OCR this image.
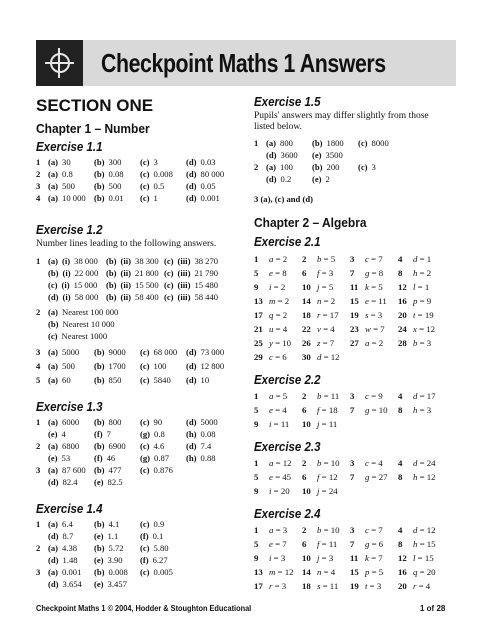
Checkpoint Maths 1 Answers
SECTION ONE
Chapter 1 – Number
Exercise 1.1
1 (a) 30	(b) 300	(c) 3	(d) 0.03
2 (a) 0.8	(b) 0.08	(c) 0.008	(d) 80 000
3 (a) 500	(b) 500	(c) 0.5	(d) 0.05
4 (a) 10 000 (b) 0.01	(c) 1	(d) 0.001
Exercise 1.2
Number lines leading to the following answers.
1 (a) (i) 38 000 (b) (ii) 38 300 (c) (iii) 38 270
(b) (i) 22 000 (b) (ii) 21 800 (c) (iii) 21 790
(c) (i) 15 000	(b) (ii) 15 500 (c) (iii) 15 480
(d) (i) 58 000 (b) (ii) 58 400 (c) (iii) 58 440
2 (a) Nearest 100 000
(b) Nearest 10 000
(c) Nearest 1000
3 (a) 5000	(b) 9000	(c) 68 000	(d) 73 000
4 (a) 500	(b) 1700	(c) 100	(d) 12 800
5 (a) 60	(b) 850	(c) 5840	(d) 10
Exercise 1.3
1 (a) 6000	(b) 800	(c) 90	(d) 5000
(e) 4	(f) 7	(g) 0.8	(h) 0.08
2 (a) 6800	(b) 6900	(c) 4.6	(d) 7.4
(e) 53	(f) 46	(g) 0.87	(h) 0.88
3 (a) 87 600 (b) 477	(c) 0.876
(d) 82.4	(e) 82.5
Exercise 1.4
1 (a) 6.4	(b) 4.1	(c) 0.9
(d) 8.7	(e) 1.1	(f) 0.1
2 (a) 4.38	(b) 5.72	(c) 5.80
(d) 1.48	(e) 3.90	(f) 6.27
3 (a) 0.001	(b) 0.008	(c) 0.005
(d) 3.654	(e) 3.457
Exercise 1.5
Pupils' answers may differ slightly from those listed below.
1 (a) 800	(b) 1800	(c) 8000
(d) 3600	(e) 3500
2 (a) 100	(b) 200	(c) 3
(d) 0.2	(e) 2
3 (a), (c) and (d)
Chapter 2 – Algebra
Exercise 2.1
1 a = 2	2 b = 5	3 c = 7	4 d = 1
5 e = 8	6 f = 3	7 g = 8	8 h = 2
9 i = 2	10 j = 5	11 k = 5	12 l = 1
13 m = 2	14 n = 2	15 e = 11	16 p = 9
17 q = 2	18 r = 17	19 s = 3	20 t = 19
21 u = 4	22 v = 4	23 w = 7	24 x = 12
25 y = 10	26 z = 7	27 a = 2	28 b = 3
29 c = 6	30 d = 12
Exercise 2.2
1 a = 5	2 b = 11	3 c = 9	4 d = 17
5 e = 4	6 f = 18	7 g = 10	8 h = 3
9 i = 11	10 j = 11
Exercise 2.3
1 a = 12	2 b = 10	3 c = 4	4 d = 24
5 e = 45	6 f = 12	7 g = 27	8 h = 12
9 i = 20	10 j = 24
Exercise 2.4
1 a = 3	2 b = 10	3 c = 7	4 d = 12
5 e = 7	6 f = 11	7 g = 6	8 h = 15
9 i = 3	10 j = 3	11 k = 7	12 l = 15
13 m = 12 14 n = 4	15 p = 5	16 q = 20
17 r = 3	18 s = 11	19 t = 3	20 r = 4
Checkpoint Maths 1 © 2004, Hodder & Stoughton Educational	1 of 28
